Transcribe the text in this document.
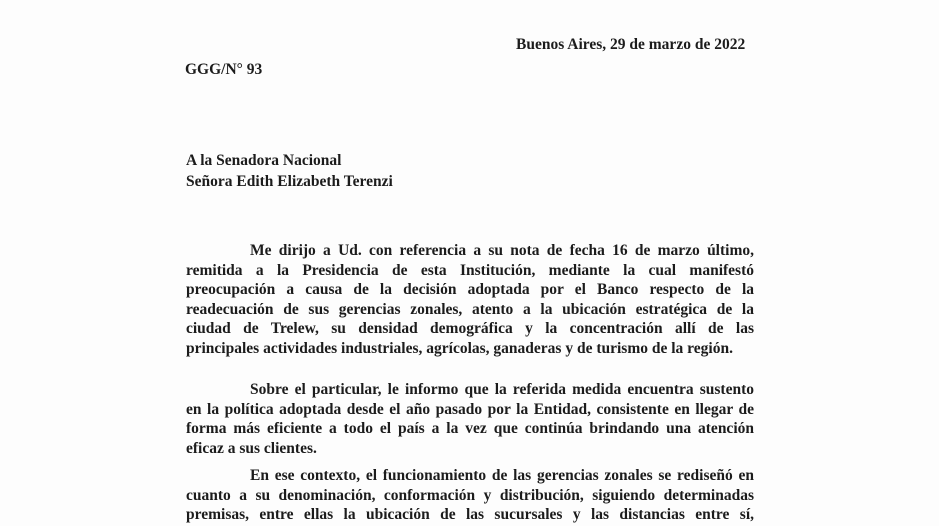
Buenos Aires, 29 de marzo de 2022
GGG/N° 93
A la Senadora Nacional
Señora Edith Elizabeth Terenzi
Me dirijo a Ud. con referencia a su nota de fecha 16 de marzo último,
remitida a la Presidencia de esta Institución, mediante la cual manifestó
preocupación a causa de la decisión adoptada por el Banco respecto de la
readecuación de sus gerencias zonales, atento a la ubicación estratégica de la
ciudad de Trelew, su densidad demográfica y la concentración allí de las
principales actividades industriales, agrícolas, ganaderas y de turismo de la región.
Sobre el particular, le informo que la referida medida encuentra sustento
en la política adoptada desde el año pasado por la Entidad, consistente en llegar de
forma más eficiente a todo el país a la vez que continúa brindando una atención
eficaz a sus clientes.
En ese contexto, el funcionamiento de las gerencias zonales se rediseñó en
cuanto a su denominación, conformación y distribución, siguiendo determinadas
premisas, entre ellas la ubicación de las sucursales y las distancias entre sí,
